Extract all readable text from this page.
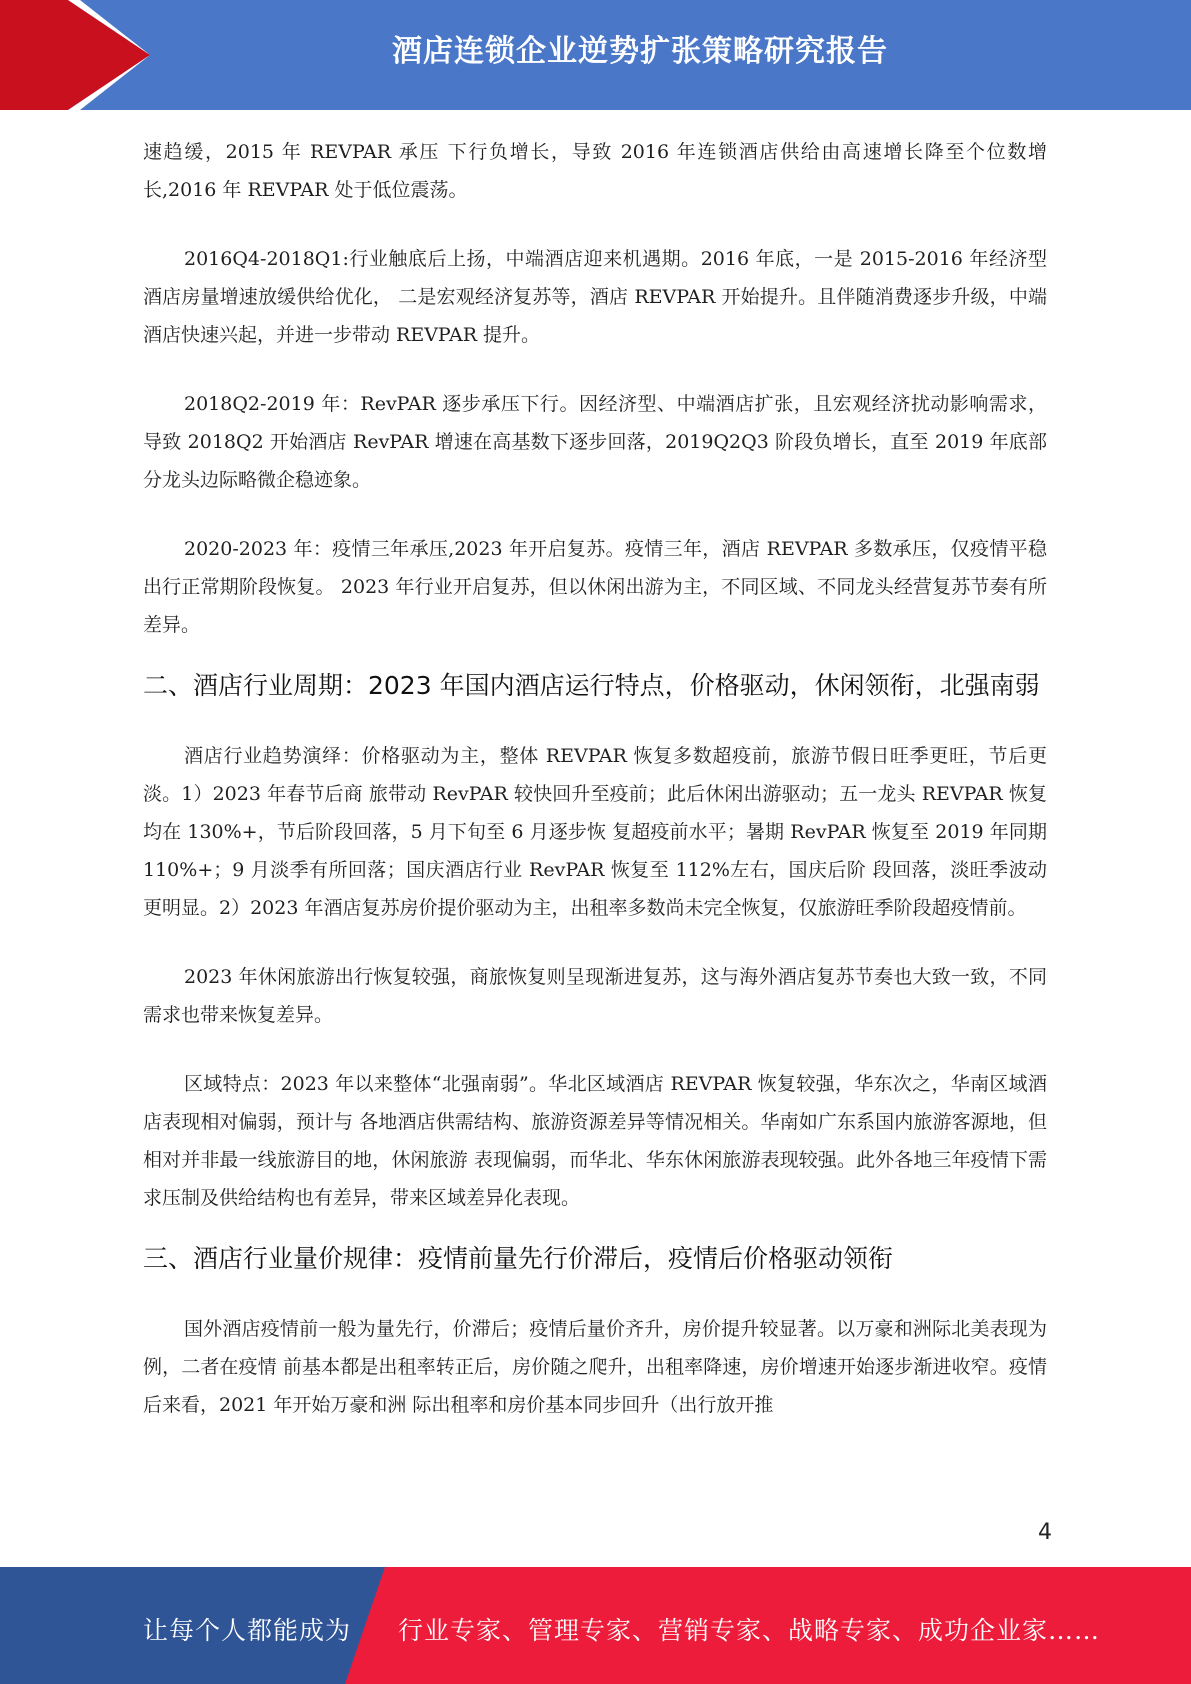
酒店连锁企业逆势扩张策略研究报告

速趋缓，2015 年 REVPAR 承压 下行负增长，导致 2016 年连锁酒店供给由高速增长降至个位数增长,2016 年 REVPAR 处于低位震荡。

2016Q4-2018Q1:行业触底后上扬，中端酒店迎来机遇期。2016 年底，一是 2015-2016 年经济型酒店房量增速放缓供给优化， 二是宏观经济复苏等，酒店 REVPAR 开始提升。且伴随消费逐步升级，中端酒店快速兴起，并进一步带动 REVPAR 提升。

2018Q2-2019 年：RevPAR 逐步承压下行。因经济型、中端酒店扩张，且宏观经济扰动影响需求，导致 2018Q2 开始酒店 RevPAR 增速在高基数下逐步回落，2019Q2Q3 阶段负增长，直至 2019 年底部分龙头边际略微企稳迹象。

2020-2023 年：疫情三年承压,2023 年开启复苏。疫情三年，酒店 REVPAR 多数承压，仅疫情平稳出行正常期阶段恢复。 2023 年行业开启复苏，但以休闲出游为主，不同区域、不同龙头经营复苏节奏有所差异。

二、酒店行业周期：2023 年国内酒店运行特点，价格驱动，休闲领衔，北强南弱

酒店行业趋势演绎：价格驱动为主，整体 REVPAR 恢复多数超疫前，旅游节假日旺季更旺，节后更淡。1）2023 年春节后商 旅带动 RevPAR 较快回升至疫前；此后休闲出游驱动；五一龙头 REVPAR 恢复均在 130%+，节后阶段回落，5 月下旬至 6 月逐步恢 复超疫前水平；暑期 RevPAR 恢复至 2019 年同期 110%+；9 月淡季有所回落；国庆酒店行业 RevPAR 恢复至 112%左右，国庆后阶 段回落，淡旺季波动更明显。2）2023 年酒店复苏房价提价驱动为主，出租率多数尚未完全恢复，仅旅游旺季阶段超疫情前。

2023 年休闲旅游出行恢复较强，商旅恢复则呈现渐进复苏，这与海外酒店复苏节奏也大致一致，不同需求也带来恢复差异。

区域特点：2023 年以来整体“北强南弱”。华北区域酒店 REVPAR 恢复较强，华东次之，华南区域酒店表现相对偏弱，预计与 各地酒店供需结构、旅游资源差异等情况相关。华南如广东系国内旅游客源地，但相对并非最一线旅游目的地，休闲旅游 表现偏弱，而华北、华东休闲旅游表现较强。此外各地三年疫情下需求压制及供给结构也有差异，带来区域差异化表现。

三、酒店行业量价规律：疫情前量先行价滞后，疫情后价格驱动领衔

国外酒店疫情前一般为量先行，价滞后；疫情后量价齐升，房价提升较显著。以万豪和洲际北美表现为例，二者在疫情 前基本都是出租率转正后，房价随之爬升，出租率降速，房价增速开始逐步渐进收窄。疫情后来看，2021 年开始万豪和洲 际出租率和房价基本同步回升（出行放开推

4
让每个人都能成为 行业专家、管理专家、营销专家、战略专家、成功企业家……
